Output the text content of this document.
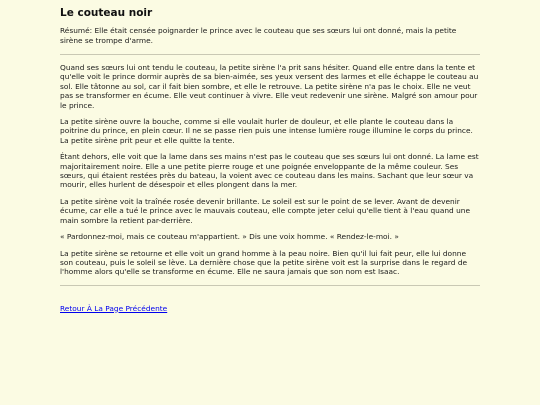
Le couteau noir

Résumé: Elle était censée poignarder le prince avec le couteau que ses sœurs lui ont donné, mais la petite sirène se trompe d'arme.

Quand ses sœurs lui ont tendu le couteau, la petite sirène l'a prit sans hésiter. Quand elle entre dans la tente et qu'elle voit le prince dormir auprès de sa bien-aimée, ses yeux versent des larmes et elle échappe le couteau au sol. Elle tâtonne au sol, car il fait bien sombre, et elle le retrouve. La petite sirène n'a pas le choix. Elle ne veut pas se transformer en écume. Elle veut continuer à vivre. Elle veut redevenir une sirène. Malgré son amour pour le prince.

La petite sirène ouvre la bouche, comme si elle voulait hurler de douleur, et elle plante le couteau dans la poitrine du prince, en plein cœur. Il ne se passe rien puis une intense lumière rouge illumine le corps du prince. La petite sirène prit peur et elle quitte la tente.

Étant dehors, elle voit que la lame dans ses mains n'est pas le couteau que ses sœurs lui ont donné. La lame est majoritairement noire. Elle a une petite pierre rouge et une poignée enveloppante de la même couleur. Ses sœurs, qui étaient restées près du bateau, la voient avec ce couteau dans les mains. Sachant que leur sœur va mourir, elles hurlent de désespoir et elles plongent dans la mer.

La petite sirène voit la traînée rosée devenir brillante. Le soleil est sur le point de se lever. Avant de devenir écume, car elle a tué le prince avec le mauvais couteau, elle compte jeter celui qu'elle tient à l'eau quand une main sombre la retient par-derrière.

« Pardonnez-moi, mais ce couteau m'appartient. » Dis une voix homme. « Rendez-le-moi. »

La petite sirène se retourne et elle voit un grand homme à la peau noire. Bien qu'il lui fait peur, elle lui donne son couteau, puis le soleil se lève. La dernière chose que la petite sirène voit est la surprise dans le regard de l'homme alors qu'elle se transforme en écume. Elle ne saura jamais que son nom est Isaac.

Retour À La Page Précédente
